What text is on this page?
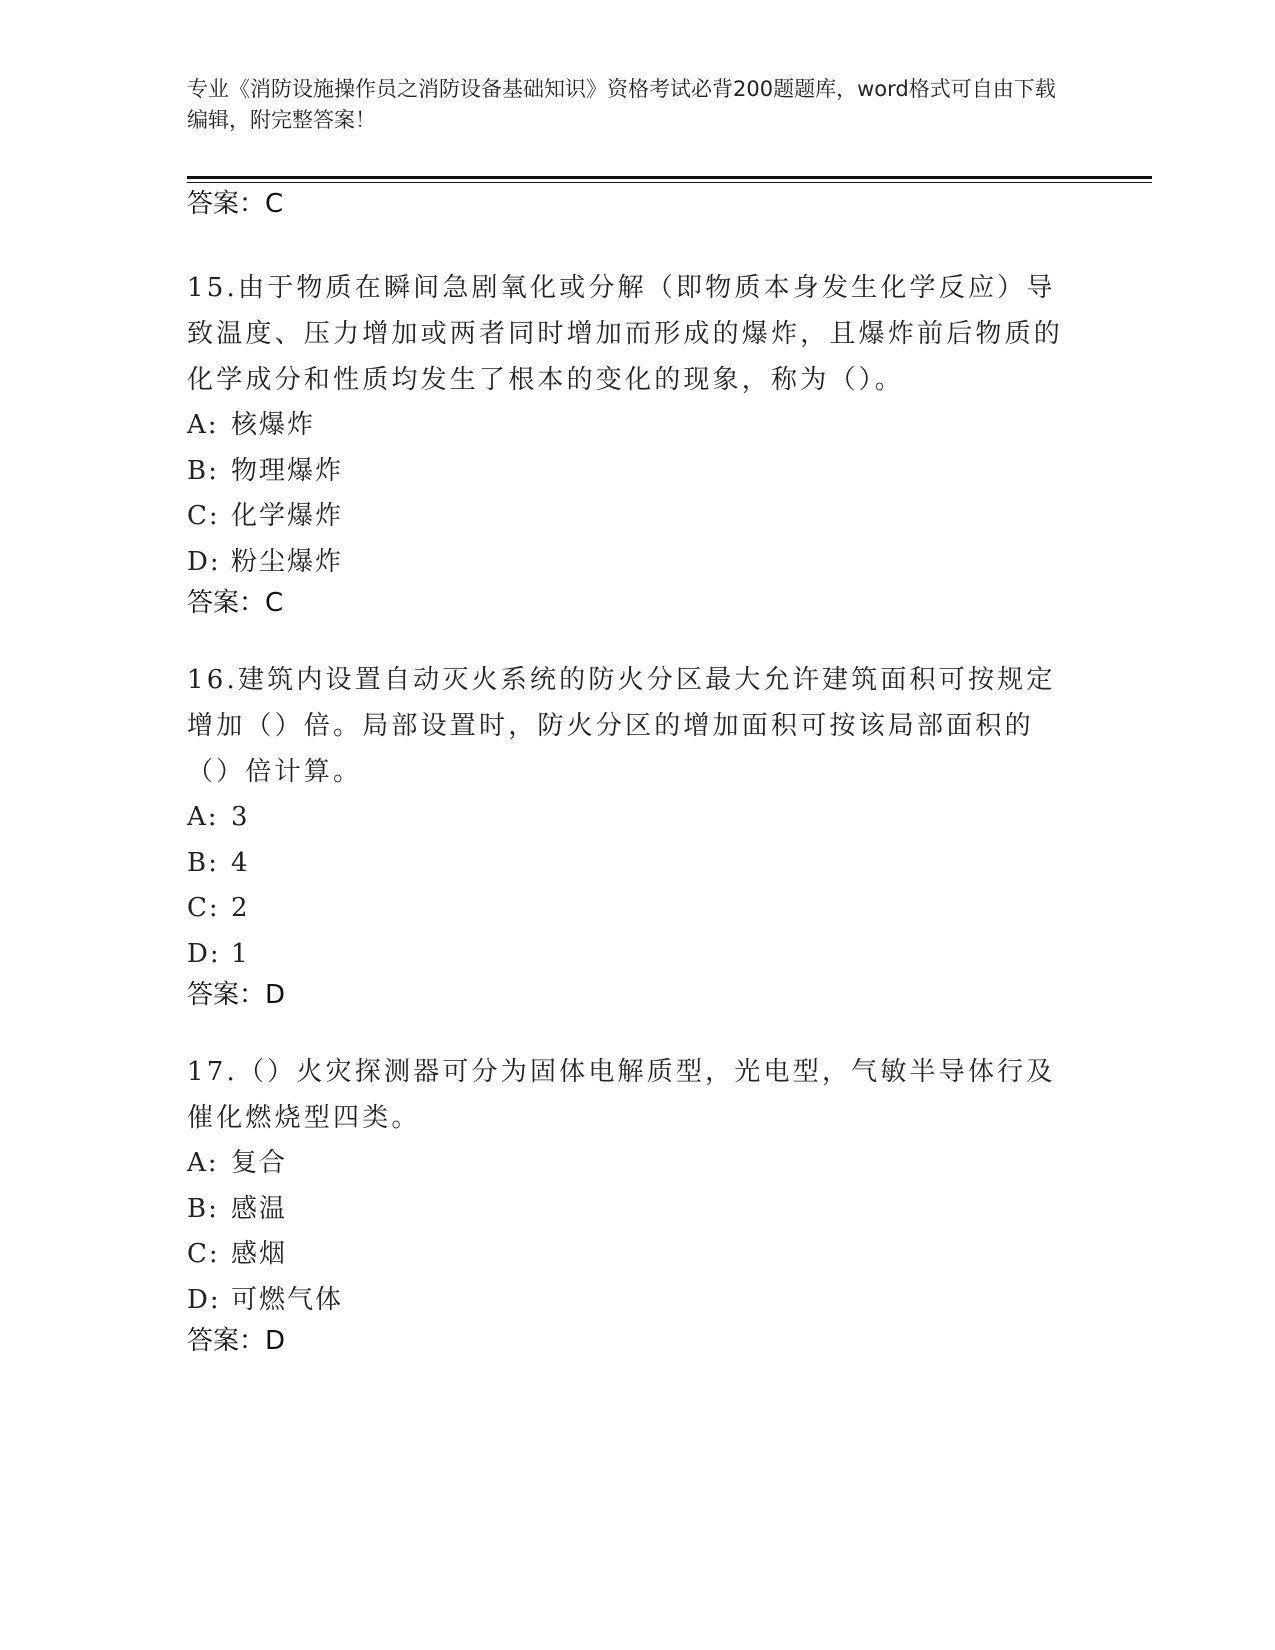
专业《消防设施操作员之消防设备基础知识》资格考试必背200题题库，word格式可自由下载编辑，附完整答案！
答案：C

15.由于物质在瞬间急剧氧化或分解（即物质本身发生化学反应）导致温度、压力增加或两者同时增加而形成的爆炸，且爆炸前后物质的化学成分和性质均发生了根本的变化的现象，称为（）。

A: 核爆炸
B: 物理爆炸
C: 化学爆炸
D: 粉尘爆炸
答案：C

16.建筑内设置自动灭火系统的防火分区最大允许建筑面积可按规定增加（）倍。局部设置时，防火分区的增加面积可按该局部面积的（）倍计算。

A: 3
B: 4
C: 2
D: 1
答案：D

17.（）火灾探测器可分为固体电解质型，光电型，气敏半导体行及催化燃烧型四类。

A: 复合
B: 感温
C: 感烟
D: 可燃气体
答案：D
